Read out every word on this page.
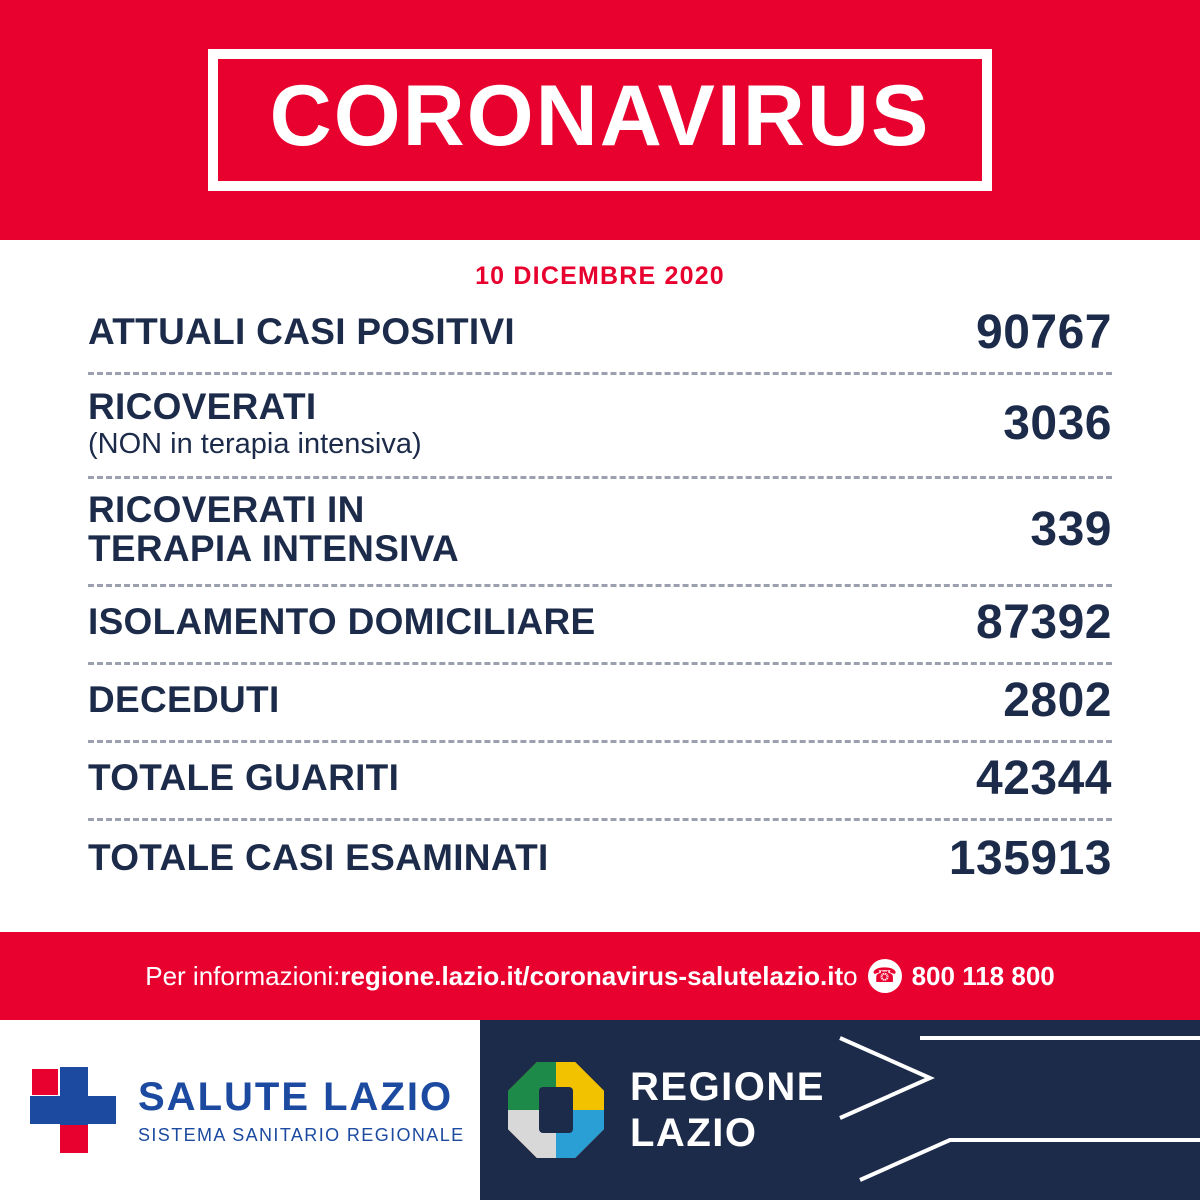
CORONAVIRUS
10 DICEMBRE 2020
ATTUALI CASI POSITIVI	90767
RICOVERATI
(NON in terapia intensiva)	3036
RICOVERATI IN
TERAPIA INTENSIVA	339
ISOLAMENTO DOMICILIARE	87392
DECEDUTI	2802
TOTALE GUARITI	42344
TOTALE CASI ESAMINATI	135913
Per informazioni: regione.lazio.it/coronavirus - salutelazio.it o ☎ 800 118 800
SALUTE LAZIO
SISTEMA SANITARIO REGIONALE
REGIONE
LAZIO
